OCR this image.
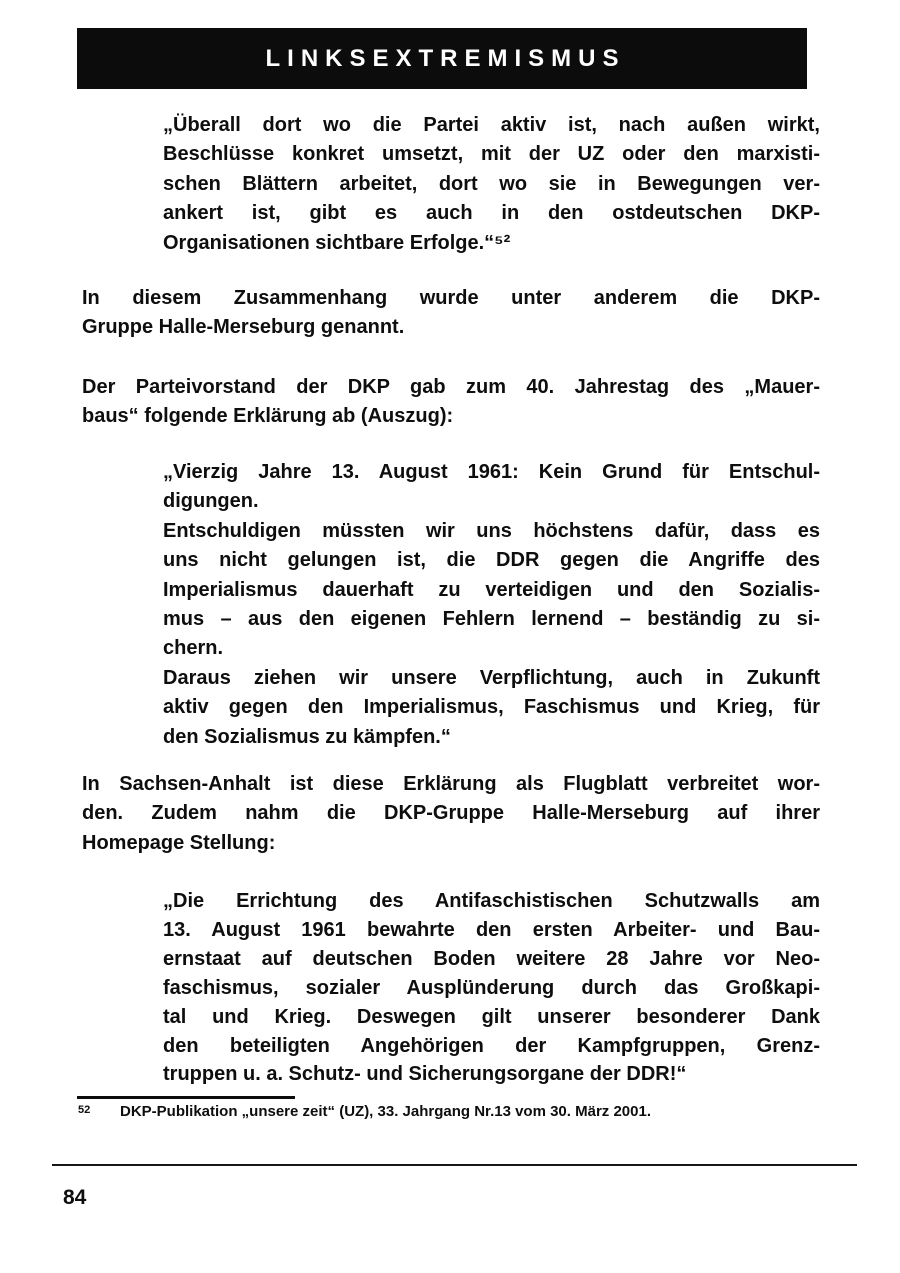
LINKSEXTREMISMUS
„Überall dort wo die Partei aktiv ist, nach außen wirkt,
Beschlüsse konkret umsetzt, mit der UZ oder den marxisti-
schen Blättern arbeitet, dort wo sie in Bewegungen ver-
ankert ist, gibt es auch in den ostdeutschen DKP-
Organisationen sichtbare Erfolge.“⁵²
In diesem Zusammenhang wurde unter anderem die DKP-
Gruppe Halle-Merseburg genannt.
Der Parteivorstand der DKP gab zum 40. Jahrestag des „Mauer-
baus“ folgende Erklärung ab (Auszug):
„Vierzig Jahre 13. August 1961: Kein Grund für Entschul-
digungen.
Entschuldigen müssten wir uns höchstens dafür, dass es
uns nicht gelungen ist, die DDR gegen die Angriffe des
Imperialismus dauerhaft zu verteidigen und den Sozialis-
mus – aus den eigenen Fehlern lernend – beständig zu si-
chern.
Daraus ziehen wir unsere Verpflichtung, auch in Zukunft
aktiv gegen den Imperialismus, Faschismus und Krieg, für
den Sozialismus zu kämpfen.“
In Sachsen-Anhalt ist diese Erklärung als Flugblatt verbreitet wor-
den. Zudem nahm die DKP-Gruppe Halle-Merseburg auf ihrer
Homepage Stellung:
„Die Errichtung des Antifaschistischen Schutzwalls am
13. August 1961 bewahrte den ersten Arbeiter- und Bau-
ernstaat auf deutschen Boden weitere 28 Jahre vor Neo-
faschismus, sozialer Ausplünderung durch das Großkapi-
tal und Krieg. Deswegen gilt unserer besonderer Dank
den beteiligten Angehörigen der Kampfgruppen, Grenz-
truppen u. a. Schutz- und Sicherungsorgane der DDR!“
52	DKP-Publikation „unsere zeit“ (UZ), 33. Jahrgang Nr.13 vom 30. März 2001.
84
